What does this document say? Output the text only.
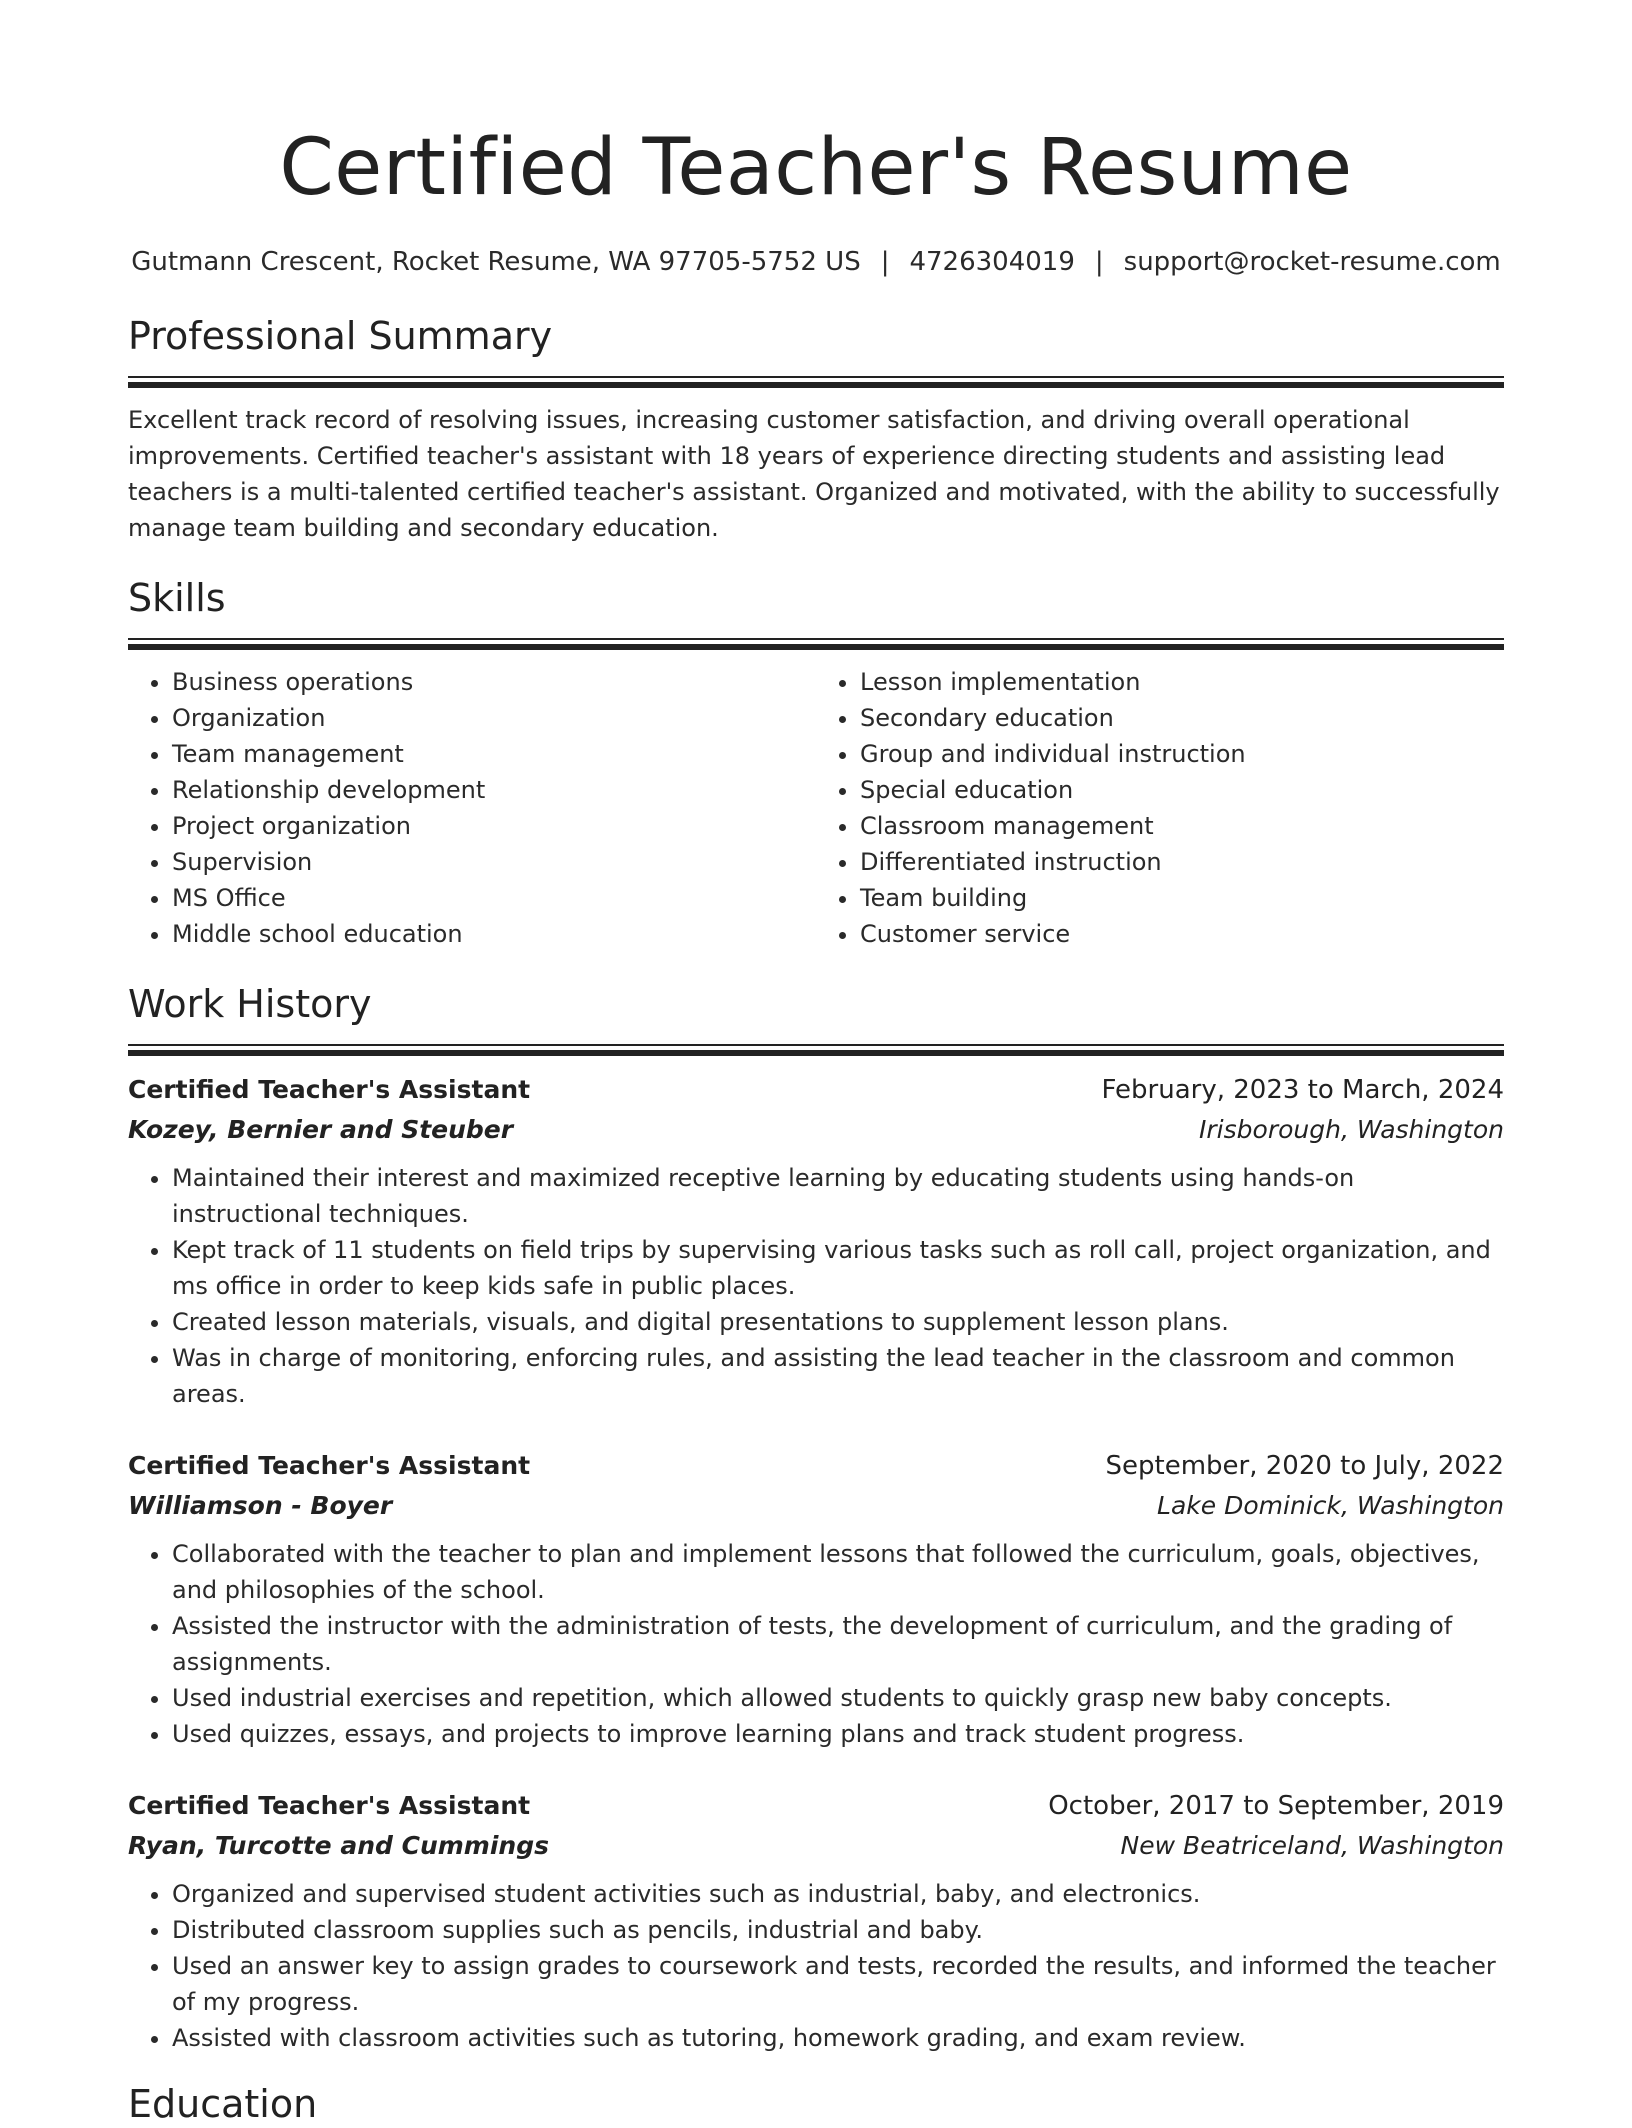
Certified Teacher's Resume
Gutmann Crescent, Rocket Resume, WA 97705-5752 US | 4726304019 | support@rocket-resume.com
Professional Summary

Excellent track record of resolving issues, increasing customer satisfaction, and driving overall operational improvements. Certified teacher's assistant with 18 years of experience directing students and assisting lead teachers is a multi-talented certified teacher's assistant. Organized and motivated, with the ability to successfully manage team building and secondary education.

Skills
• Business operations
• Organization
• Team management
• Relationship development
• Project organization
• Supervision
• MS Office
• Middle school education
• Lesson implementation
• Secondary education
• Group and individual instruction
• Special education
• Classroom management
• Differentiated instruction
• Team building
• Customer service
Work History
Certified Teacher's Assistant	February, 2023 to March, 2024
Kozey, Bernier and Steuber	Irisborough, Washington
• Maintained their interest and maximized receptive learning by educating students using hands-on instructional techniques.
• Kept track of 11 students on field trips by supervising various tasks such as roll call, project organization, and ms office in order to keep kids safe in public places.
• Created lesson materials, visuals, and digital presentations to supplement lesson plans.
• Was in charge of monitoring, enforcing rules, and assisting the lead teacher in the classroom and common areas.
Certified Teacher's Assistant	September, 2020 to July, 2022
Williamson - Boyer	Lake Dominick, Washington
• Collaborated with the teacher to plan and implement lessons that followed the curriculum, goals, objectives, and philosophies of the school.
• Assisted the instructor with the administration of tests, the development of curriculum, and the grading of assignments.
• Used industrial exercises and repetition, which allowed students to quickly grasp new baby concepts.
• Used quizzes, essays, and projects to improve learning plans and track student progress.
Certified Teacher's Assistant	October, 2017 to September, 2019
Ryan, Turcotte and Cummings	New Beatriceland, Washington
• Organized and supervised student activities such as industrial, baby, and electronics.
• Distributed classroom supplies such as pencils, industrial and baby.
• Used an answer key to assign grades to coursework and tests, recorded the results, and informed the teacher of my progress.
• Assisted with classroom activities such as tutoring, homework grading, and exam review.
Education
